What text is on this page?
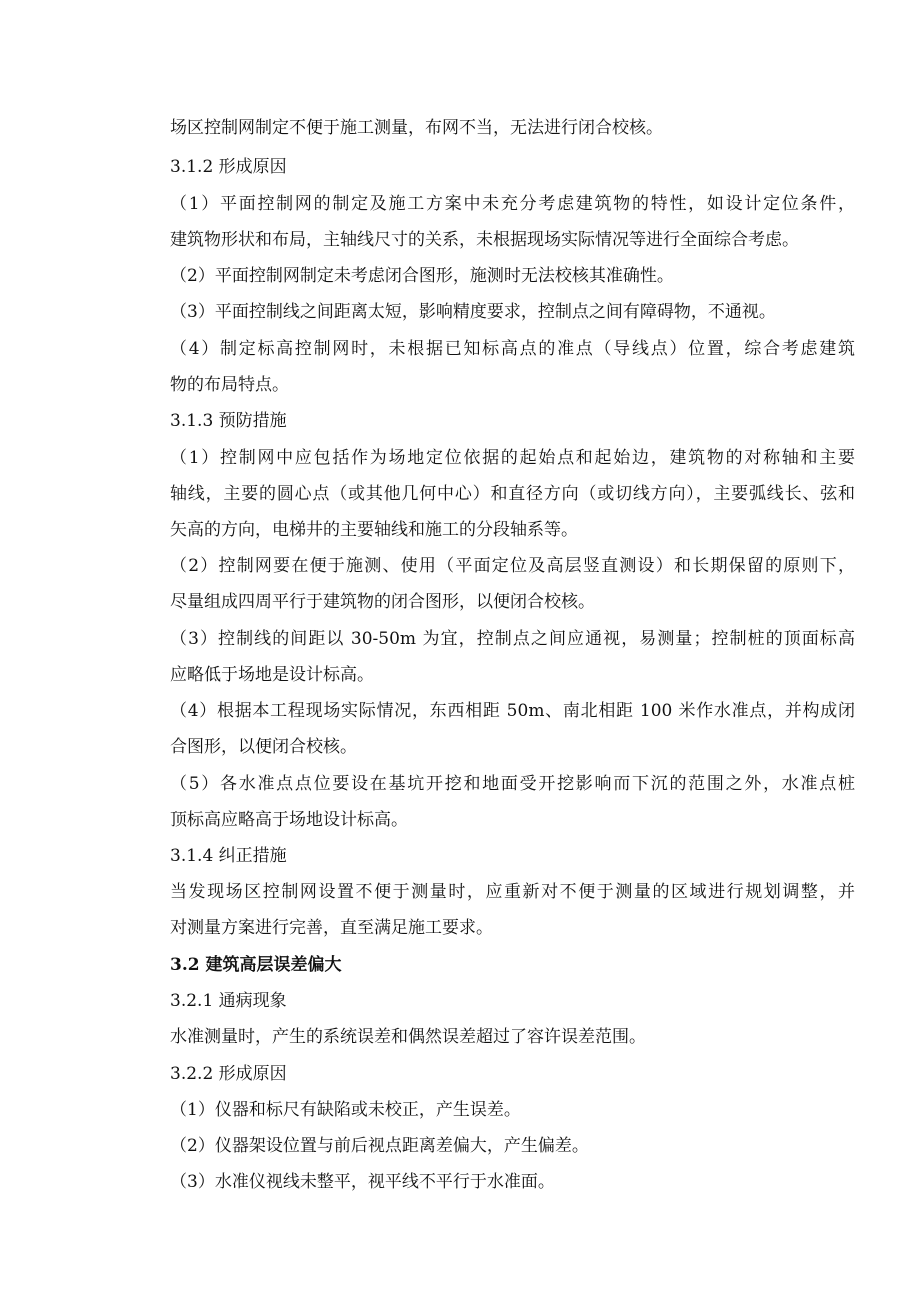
场区控制网制定不便于施工测量，布网不当，无法进行闭合校核。
3.1.2 形成原因
（1）平面控制网的制定及施工方案中未充分考虑建筑物的特性，如设计定位条件，
建筑物形状和布局，主轴线尺寸的关系，未根据现场实际情况等进行全面综合考虑。
（2）平面控制网制定未考虑闭合图形，施测时无法校核其准确性。
（3）平面控制线之间距离太短，影响精度要求，控制点之间有障碍物，不通视。
（4）制定标高控制网时，未根据已知标高点的准点（导线点）位置，综合考虑建筑
物的布局特点。
3.1.3 预防措施
（1）控制网中应包括作为场地定位依据的起始点和起始边，建筑物的对称轴和主要
轴线，主要的圆心点（或其他几何中心）和直径方向（或切线方向），主要弧线长、弦和
矢高的方向，电梯井的主要轴线和施工的分段轴系等。
（2）控制网要在便于施测、使用（平面定位及高层竖直测设）和长期保留的原则下，
尽量组成四周平行于建筑物的闭合图形，以便闭合校核。
（3）控制线的间距以 30-50m 为宜，控制点之间应通视，易测量；控制桩的顶面标高
应略低于场地是设计标高。
（4）根据本工程现场实际情况，东西相距 50m、南北相距 100 米作水准点，并构成闭
合图形，以便闭合校核。
（5）各水准点点位要设在基坑开挖和地面受开挖影响而下沉的范围之外，水准点桩
顶标高应略高于场地设计标高。
3.1.4 纠正措施
当发现场区控制网设置不便于测量时，应重新对不便于测量的区域进行规划调整，并
对测量方案进行完善，直至满足施工要求。
3.2 建筑高层误差偏大
3.2.1 通病现象
水准测量时，产生的系统误差和偶然误差超过了容许误差范围。
3.2.2 形成原因
（1）仪器和标尺有缺陷或未校正，产生误差。
（2）仪器架设位置与前后视点距离差偏大，产生偏差。
（3）水准仪视线未整平，视平线不平行于水准面。
